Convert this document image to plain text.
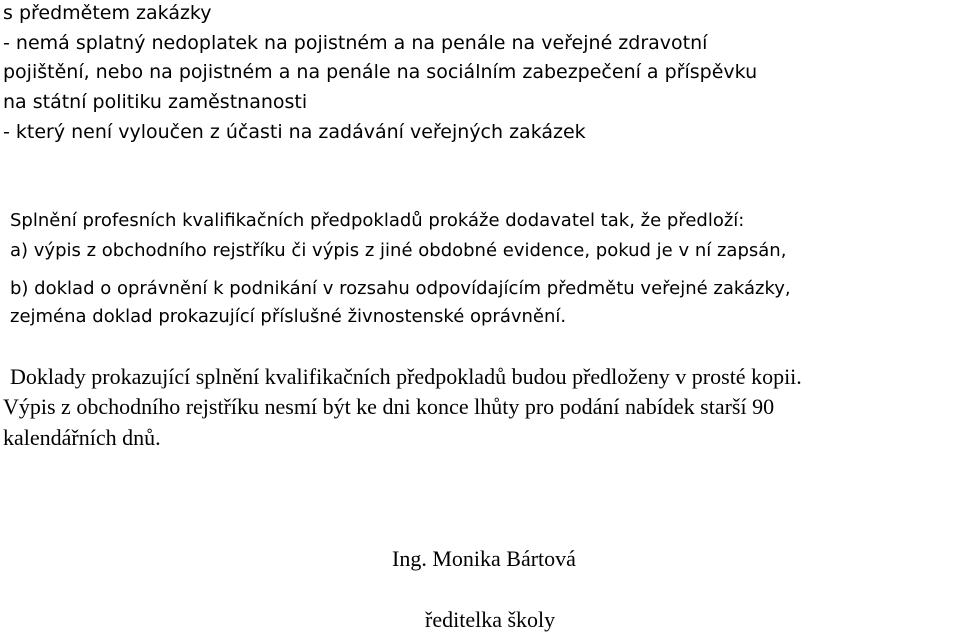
s předmětem zakázky
- nemá splatný nedoplatek na pojistném a na penále na veřejné zdravotní
pojištění, nebo na pojistném a na penále na sociálním zabezpečení a příspěvku
na státní politiku zaměstnanosti
- který není vyloučen z účasti na zadávání veřejných zakázek
Splnění profesních kvalifikačních předpokladů prokáže dodavatel tak, že předloží:
a) výpis z obchodního rejstříku či výpis z jiné obdobné evidence, pokud je v ní zapsán,
b) doklad o oprávnění k podnikání v rozsahu odpovídajícím předmětu veřejné zakázky,
zejména doklad prokazující příslušné živnostenské oprávnění.
Doklady prokazující splnění kvalifikačních předpokladů budou předloženy v prosté kopii.
Výpis z obchodního rejstříku nesmí být ke dni konce lhůty pro podání nabídek starší 90
kalendářních dnů.
Ing. Monika Bártová
ředitelka školy
